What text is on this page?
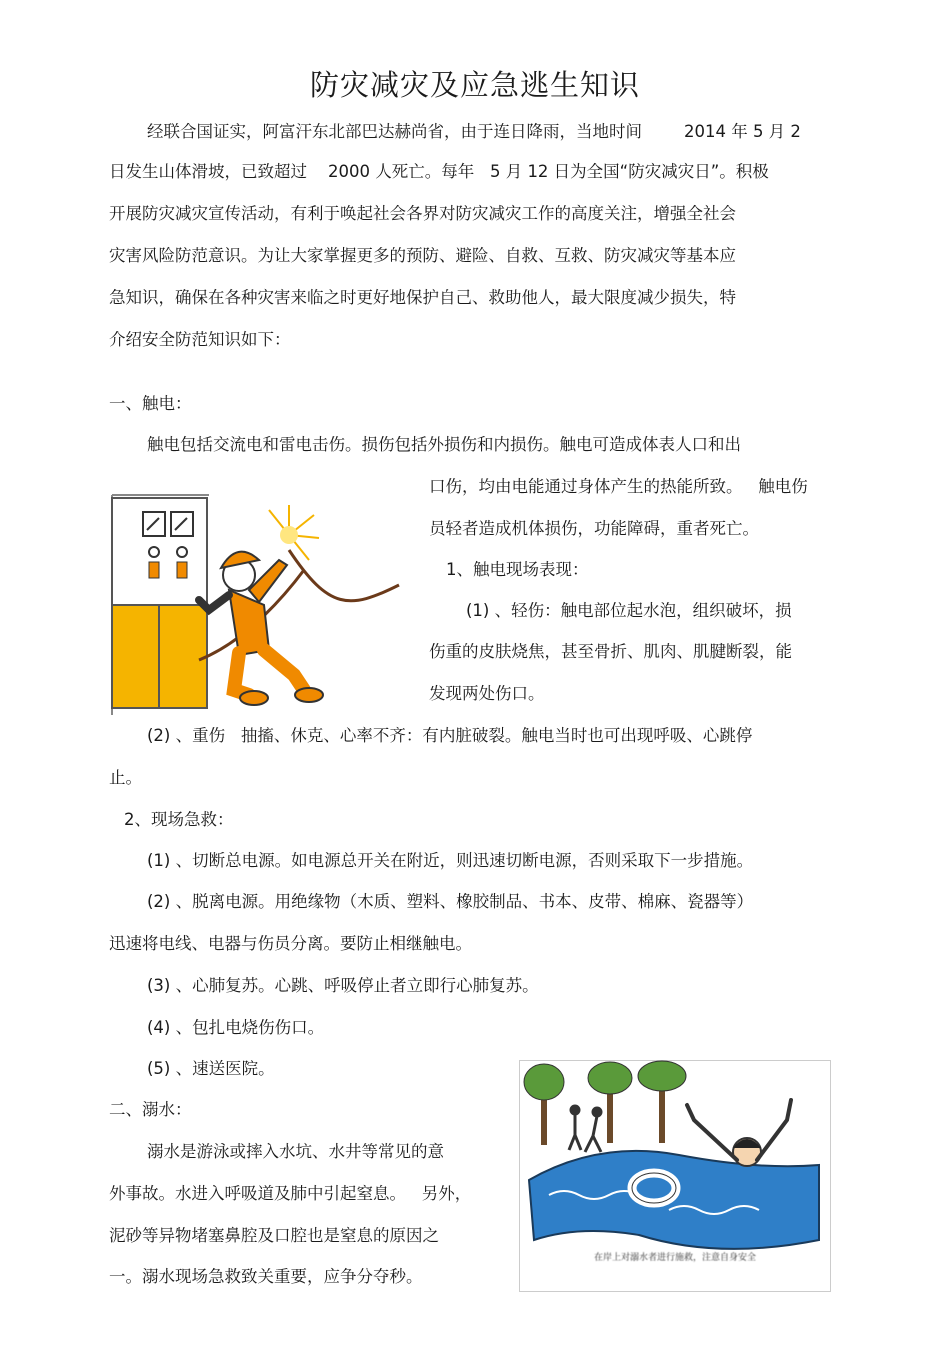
防灾减灾及应急逃生知识
经联合国证实，阿富汗东北部巴达赫尚省，由于连日降雨，当地时间        2014 年 5 月 2
日发生山体滑坡，已致超过    2000 人死亡。每年   5 月 12 日为全国“防灾减灾日”。积极
开展防灾减灾宣传活动，有利于唤起社会各界对防灾减灾工作的高度关注，增强全社会
灾害风险防范意识。为让大家掌握更多的预防、避险、自救、互救、防灾减灾等基本应
急知识，确保在各种灾害来临之时更好地保护自己、救助他人，最大限度减少损失，特
介绍安全防范知识如下：
一、触电：
触电包括交流电和雷电击伤。损伤包括外损伤和内损伤。触电可造成体表人口和出
口伤，均由电能通过身体产生的热能所致。   触电伤
员轻者造成机体损伤，功能障碍，重者死亡。
1、触电现场表现：
(1) 、轻伤：触电部位起水泡，组织破坏，损
伤重的皮肤烧焦，甚至骨折、肌肉、肌腱断裂，能
发现两处伤口。
(2) 、重伤   抽搐、休克、心率不齐：有内脏破裂。触电当时也可出现呼吸、心跳停
止。
2、现场急救：
(1) 、切断总电源。如电源总开关在附近，则迅速切断电源，否则采取下一步措施。
(2) 、脱离电源。用绝缘物（木质、塑料、橡胶制品、书本、皮带、棉麻、瓷器等）
迅速将电线、电器与伤员分离。要防止相继触电。
(3) 、心肺复苏。心跳、呼吸停止者立即行心肺复苏。
(4) 、包扎电烧伤伤口。
(5) 、速送医院。
二、溺水：
溺水是游泳或摔入水坑、水井等常见的意
外事故。水进入呼吸道及肺中引起窒息。   另外，
泥砂等异物堵塞鼻腔及口腔也是窒息的原因之
一。溺水现场急救致关重要，应争分夺秒。
在岸上对溺水者进行施救，注意自身安全
